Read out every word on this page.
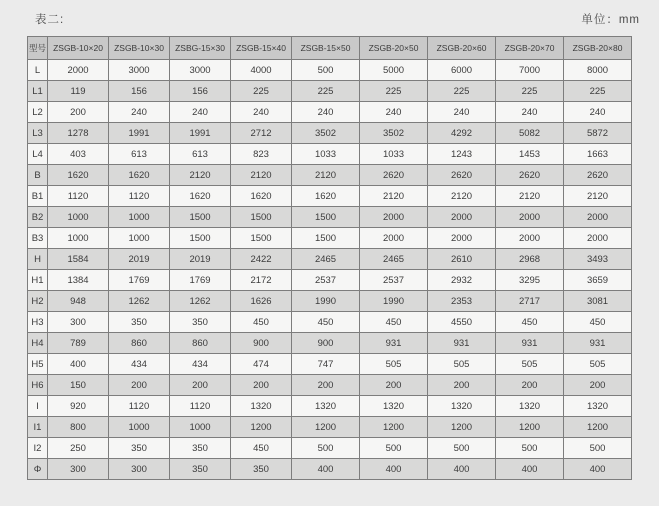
表二:	单位：mm
型号	ZSGB-10×20	ZSGB-10×30	ZSBG-15×30	ZSGB-15×40	ZSGB-15×50	ZSGB-20×50	ZSGB-20×60	ZSGB-20×70	ZSGB-20×80
L	2000	3000	3000	4000	500	5000	6000	7000	8000
L1	119	156	156	225	225	225	225	225	225
L2	200	240	240	240	240	240	240	240	240
L3	1278	1991	1991	2712	3502	3502	4292	5082	5872
L4	403	613	613	823	1033	1033	1243	1453	1663
B	1620	1620	2120	2120	2120	2620	2620	2620	2620
B1	1120	1120	1620	1620	1620	2120	2120	2120	2120
B2	1000	1000	1500	1500	1500	2000	2000	2000	2000
B3	1000	1000	1500	1500	1500	2000	2000	2000	2000
H	1584	2019	2019	2422	2465	2465	2610	2968	3493
H1	1384	1769	1769	2172	2537	2537	2932	3295	3659
H2	948	1262	1262	1626	1990	1990	2353	2717	3081
H3	300	350	350	450	450	450	4550	450	450
H4	789	860	860	900	900	931	931	931	931
H5	400	434	434	474	747	505	505	505	505
H6	150	200	200	200	200	200	200	200	200
I	920	1120	1120	1320	1320	1320	1320	1320	1320
I1	800	1000	1000	1200	1200	1200	1200	1200	1200
I2	250	350	350	450	500	500	500	500	500
Φ	300	300	350	350	400	400	400	400	400
